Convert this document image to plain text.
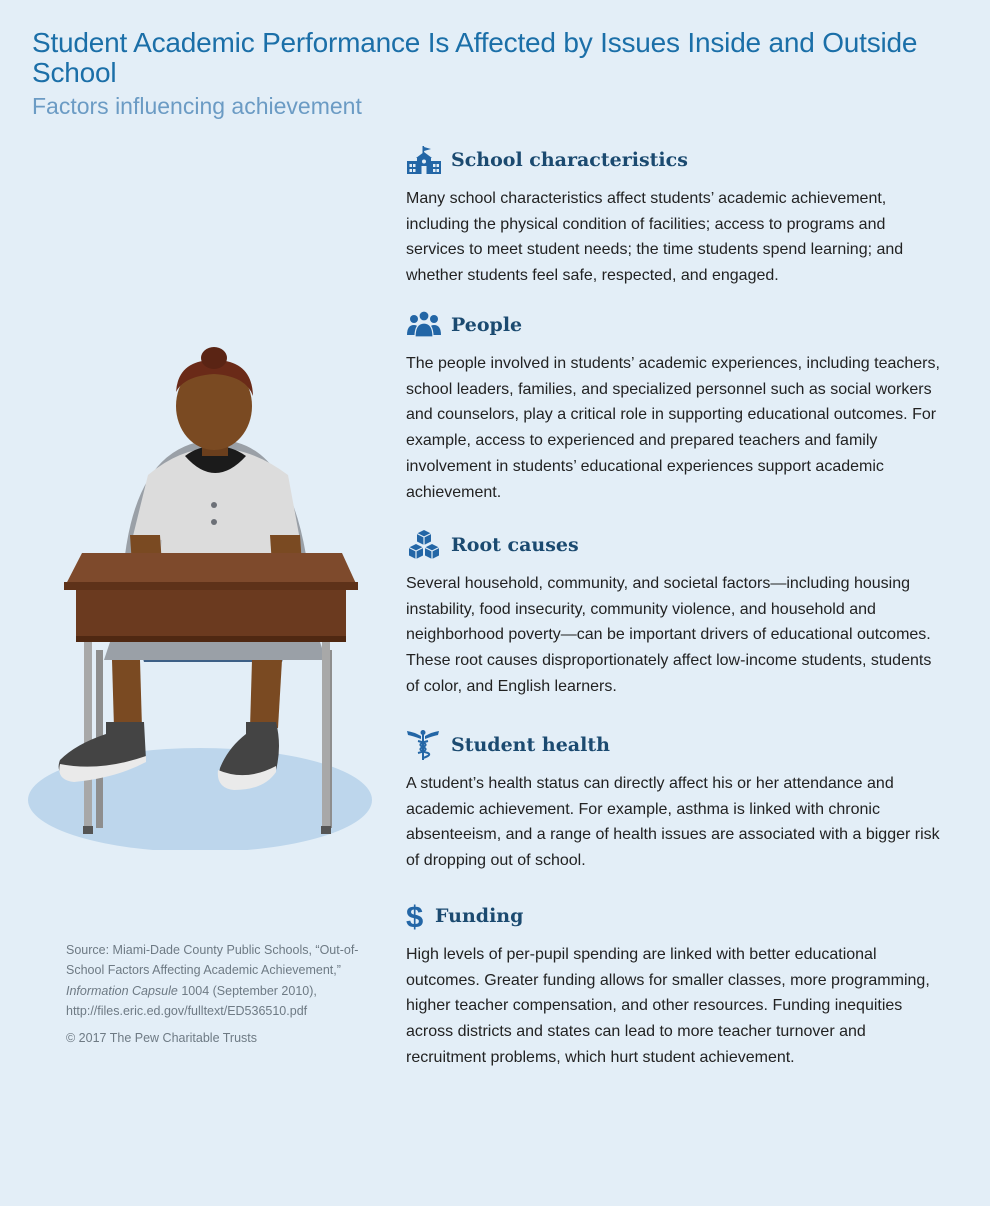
Student Academic Performance Is Affected by Issues Inside and Outside School
Factors influencing achievement
School characteristics

Many school characteristics affect students’ academic achievement, including the physical condition of facilities; access to programs and services to meet student needs; the time students spend learning; and whether students feel safe, respected, and engaged.

People

The people involved in students’ academic experiences, including teachers, school leaders, families, and specialized personnel such as social workers and counselors, play a critical role in supporting educational outcomes. For example, access to experienced and prepared teachers and family involvement in students’ educational experiences support academic achievement.

Root causes

Several household, community, and societal factors—including housing instability, food insecurity, community violence, and household and neighborhood poverty—can be important drivers of educational outcomes. These root causes disproportionately affect low-income students, students of color, and English learners.

Student health

A student’s health status can directly affect his or her attendance and academic achievement. For example, asthma is linked with chronic absenteeism, and a range of health issues are associated with a bigger risk of dropping out of school.

$ Funding

High levels of per-pupil spending are linked with better educational outcomes. Greater funding allows for smaller classes, more programming, higher teacher compensation, and other resources. Funding inequities across districts and states can lead to more teacher turnover and recruitment problems, which hurt student achievement.

Source: Miami-Dade County Public Schools, “Out-of-School Factors Affecting Academic Achievement,” Information Capsule 1004 (September 2010), http://files.eric.ed.gov/fulltext/ED536510.pdf
© 2017 The Pew Charitable Trusts
